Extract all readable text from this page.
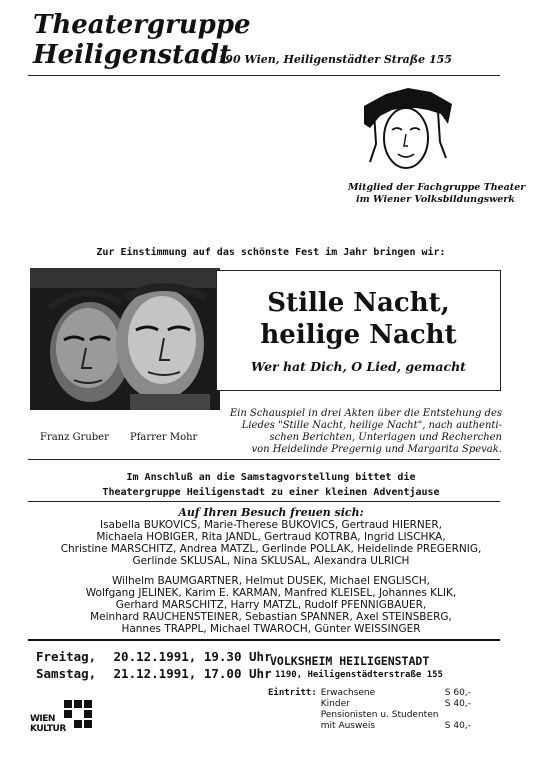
Theatergruppe
Heiligenstadt
1190 Wien, Heiligenstädter Straße 155
Mitglied der Fachgruppe Theater
im Wiener Volksbildungswerk
Zur Einstimmung auf das schönste Fest im Jahr bringen wir:
Franz Gruber Pfarrer Mohr
Stille Nacht,
heilige Nacht
Wer hat Dich, O Lied, gemacht
Ein Schauspiel in drei Akten über die Entstehung des
Liedes "Stille Nacht, heilige Nacht", nach authenti-
schen Berichten, Unterlagen und Recherchen
von Heidelinde Pregernig und Margarita Spevak.
Im Anschluß an die Samstagvorstellung bittet die
Theatergruppe Heiligenstadt zu einer kleinen Adventjause
Auf Ihren Besuch freuen sich:
Isabella BUKOVICS, Marie-Therese BUKOVICS, Gertraud HIERNER,
Michaela HOBIGER, Rita JANDL, Gertraud KOTRBA, Ingrid LISCHKA,
Christine MARSCHITZ, Andrea MATZL, Gerlinde POLLAK, Heidelinde PREGERNIG,
Gerlinde SKLUSAL, Nina SKLUSAL, Alexandra ULRICH
Wilhelm BAUMGARTNER, Helmut DUSEK, Michael ENGLISCH,
Wolfgang JELINEK, Karim E. KARMAN, Manfred KLEISEL, Johannes KLIK,
Gerhard MARSCHITZ, Harry MATZL, Rudolf PFENNIGBAUER,
Meinhard RAUCHENSTEINER, Sebastian SPANNER, Axel STEINSBERG,
Hannes TRAPPL, Michael TWAROCH, Günter WEISSINGER
Freitag, 20.12.1991, 19.30 Uhr
Samstag, 21.12.1991, 17.00 Uhr
VOLKSHEIM HEILIGENSTADT
1190, Heiligenstädterstraße 155
Eintritt:	Erwachsene	S 60,-
	Kinder	S 40,-
	Pensionisten u. Studenten	
	mit Ausweis	S 40,-
WIEN
KULTUR
